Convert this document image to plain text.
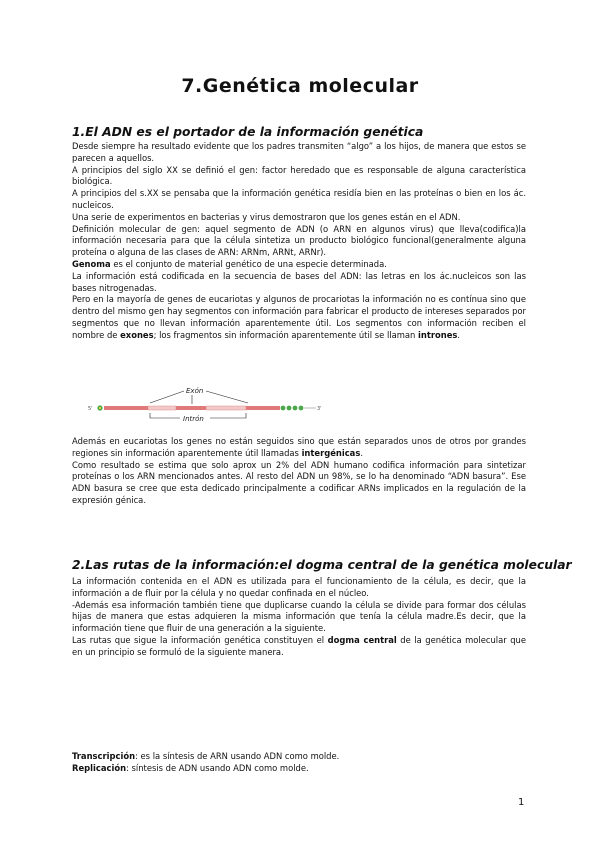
7.Genética molecular
1.El ADN es el portador de la información genética

Desde siempre ha resultado evidente que los padres transmiten “algo” a los hijos, de manera que estos se parecen a aquellos.

A principios del siglo XX se definió el gen: factor heredado que es responsable de alguna característica biológica.

A principios del s.XX se pensaba que la información genética residía bien en las proteínas o bien en los ác. nucleicos.

Una serie de experimentos en bacterias y virus demostraron que los genes están en el ADN.

Definición molecular de gen: aquel segmento de ADN (o ARN en algunos virus) que lleva(codifica)la información necesaria para que la célula sintetiza un producto biológico funcional(generalmente alguna proteína o alguna de las clases de ARN: ARNm, ARNt, ARNr).

Genoma es el conjunto de material genético de una especie determinada.

La información está codificada en la secuencia de bases del ADN: las letras en los ác.nucleicos son las bases nitrogenadas.

Pero en la mayoría de genes de eucariotas y algunos de procariotas la información no es contínua sino que dentro del mismo gen hay segmentos con información para fabricar el producto de intereses separados por segmentos que no llevan información aparentemente útil. Los segmentos con información reciben el nombre de exones; los fragmentos sin información aparentemente útil se llaman intrones.

5'	3'
Exón
Intrón

Además en eucariotas los genes no están seguidos sino que están separados unos de otros por grandes regiones sin información aparentemente útil llamadas intergénicas.

Como resultado se estima que solo aprox un 2% del ADN humano codifica información para sintetizar proteínas o los ARN mencionados antes. Al resto del ADN un 98%, se lo ha denominado “ADN basura”. Ese ADN basura se cree que esta dedicado principalmente a codificar ARNs implicados en la regulación de la expresión génica.

2.Las rutas de la información:el dogma central de la genética molecular

La información contenida en el ADN es utilizada para el funcionamiento de la célula, es decir, que la información a de fluir por la célula y no quedar confinada en el núcleo.

-Además esa información también tiene que duplicarse cuando la célula se divide para formar dos células hijas de manera que estas adquieren la misma información que tenía la célula madre.Es decir, que la información tiene que fluir de una generación a la siguiente.

Las rutas que sigue la información genética constituyen el dogma central de la genética molecular que en un principio se formuló de la siguiente manera.

Transcripción: es la síntesis de ARN usando ADN como molde.

Replicación: síntesis de ADN usando ADN como molde.

1
